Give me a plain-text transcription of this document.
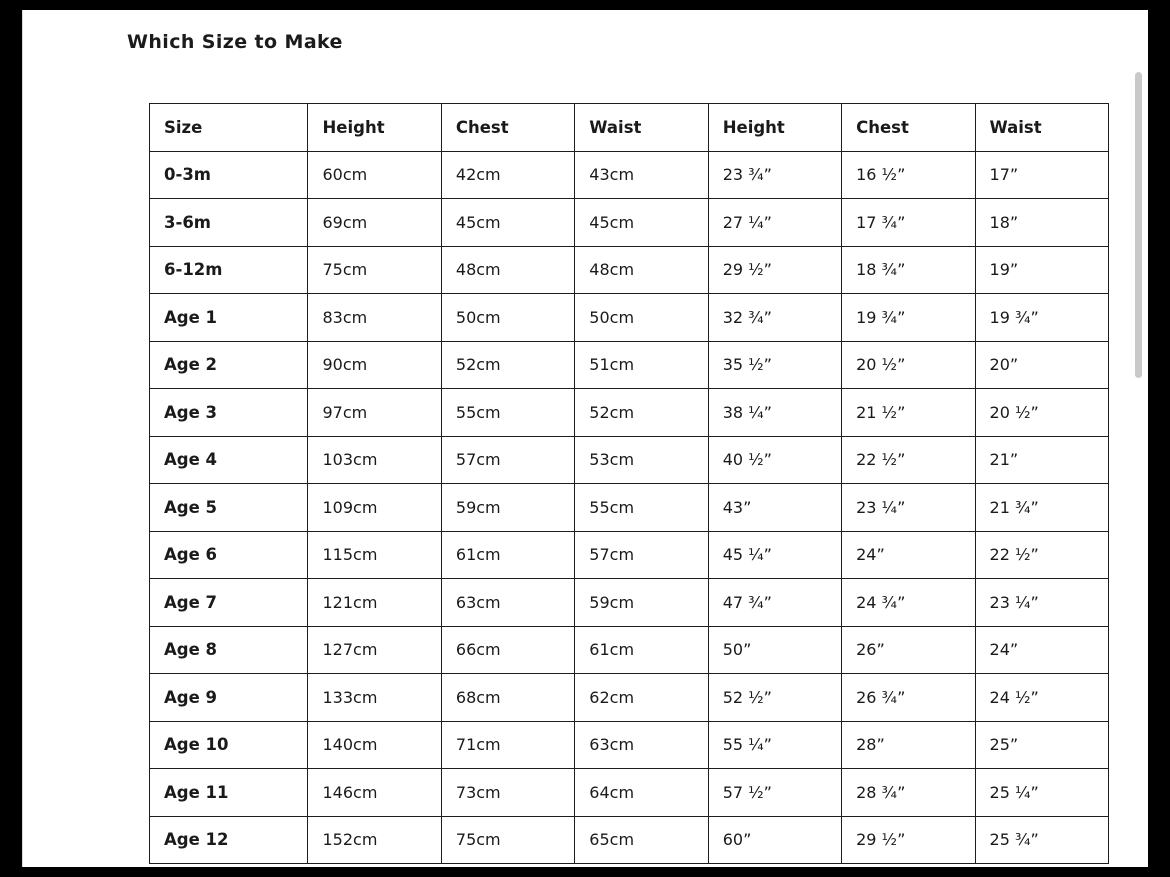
Which Size to Make
Size	Height	Chest	Waist	Height	Chest	Waist
0-3m	60cm	42cm	43cm	23 ¾”	16 ½”	17”
3-6m	69cm	45cm	45cm	27 ¼”	17 ¾”	18”
6-12m	75cm	48cm	48cm	29 ½”	18 ¾”	19”
Age 1	83cm	50cm	50cm	32 ¾”	19 ¾”	19 ¾”
Age 2	90cm	52cm	51cm	35 ½”	20 ½”	20”
Age 3	97cm	55cm	52cm	38 ¼”	21 ½”	20 ½”
Age 4	103cm	57cm	53cm	40 ½”	22 ½”	21”
Age 5	109cm	59cm	55cm	43”	23 ¼”	21 ¾”
Age 6	115cm	61cm	57cm	45 ¼”	24”	22 ½”
Age 7	121cm	63cm	59cm	47 ¾”	24 ¾”	23 ¼”
Age 8	127cm	66cm	61cm	50”	26”	24”
Age 9	133cm	68cm	62cm	52 ½”	26 ¾”	24 ½”
Age 10	140cm	71cm	63cm	55 ¼”	28”	25”
Age 11	146cm	73cm	64cm	57 ½”	28 ¾”	25 ¼”
Age 12	152cm	75cm	65cm	60”	29 ½”	25 ¾”
